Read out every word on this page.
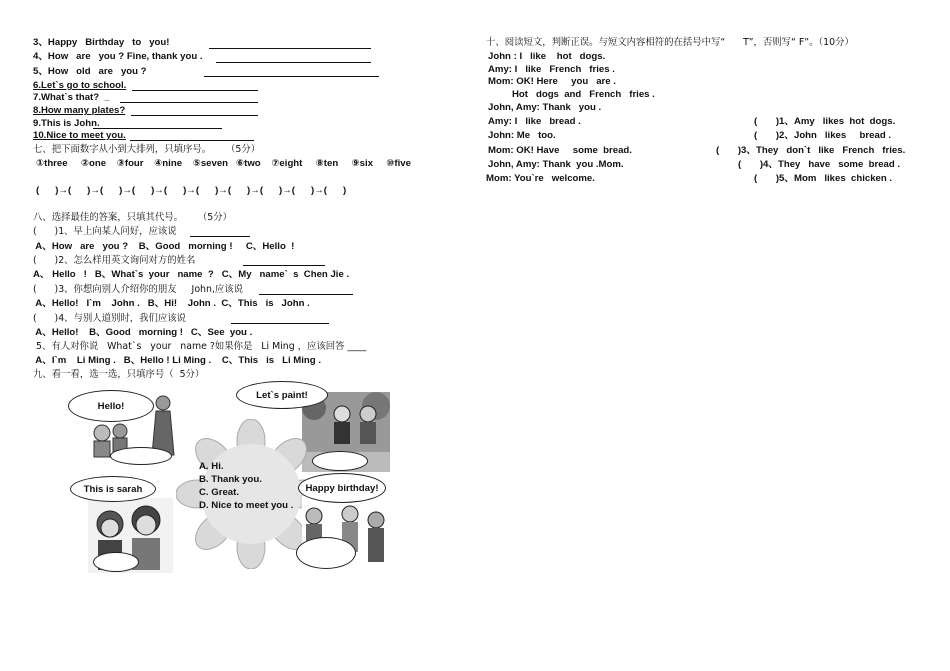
3、Happy   Birthday   to   you!
4、How   are   you ? Fine, thank you .
5、How   old   are   you ?
6.Let`s go to school.
7.What`s that?  _
8.How many plates?
9.This is John.
10.Nice to meet you.
七、把下面数字从小到大排列，只填序号。     （5分）
①three     ②one    ③four    ④nine    ⑤seven   ⑥two    ⑦eight     ⑧ten     ⑨six     ⑩five
(      )→(      )→(      )→(      )→(      )→(      )→(      )→(      )→(      )→(      )
八、选择最佳的答案，只填其代号。     （5分）
(      )1、早上向某人问好，应该说
A、How   are   you ?    B、Good   morning !     C、Hello  !
(      )2、怎么样用英文询问对方的姓名
A、 Hello   !   B、What`s  your   name  ?   C、My   name`  s  Chen Jie .
(      )3、你想向别人介绍你的朋友     John,应该说
A、Hello!   I`m    John .   B、Hi!    John .  C、This   is   John .
(      )4、与别人道别时，我们应该说
A、Hello!    B、Good   morning !   C、See  you .
5、有人对你说   What`s   your   name ?如果你是   Li Ming ，应该回答 ____
A、I`m    Li Ming .   B、Hello ! Li Ming .    C、This   is   Li Ming .
九、看一看，选一选，只填序号（  5分）
Hello!
Let`s paint!
A. Hi.
B. Thank you.
C. Great.
D. Nice to meet you .
This is sarah	Happy birthday!
十、阅读短文，判断正误。与短文内容相符的在括号中写“      T”，否则写“ F”。（10分）
John : I   like    hot   dogs.
Amy: I   like   French   fries .
Mom: OK! Here     you   are .
Hot   dogs  and   French   fries .
John, Amy: Thank   you .
Amy: I   like   bread .
John: Me   too.
Mom: OK! Have     some  bread.
John, Amy: Thank  you .Mom.
Mom: You`re   welcome.
(       )1、Amy   likes  hot  dogs.
(       )2、John   likes     bread .
(       )3、They   don`t   like   French   fries.
(       )4、They   have   some  bread .
(       )5、Mom   likes  chicken .
